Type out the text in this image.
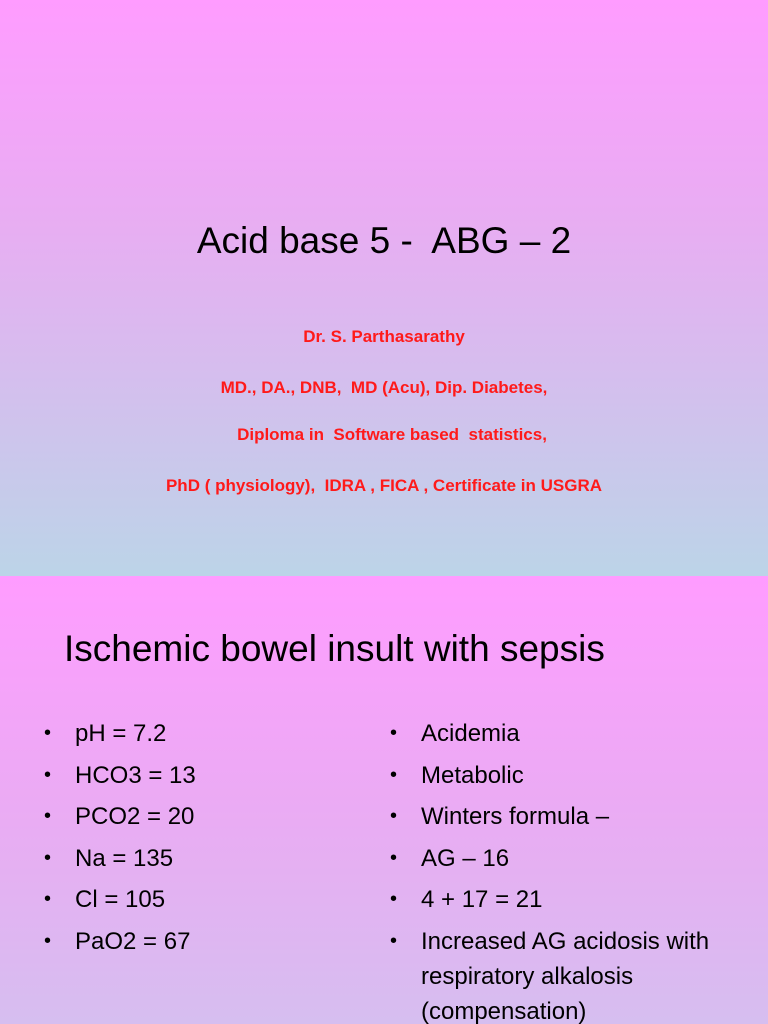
Acid base 5 -  ABG – 2
Dr. S. Parthasarathy
MD., DA., DNB,  MD (Acu), Dip. Diabetes,
Diploma in  Software based  statistics,
PhD ( physiology),  IDRA , FICA , Certificate in USGRA
Ischemic bowel insult with sepsis
• pH = 7.2
• HCO3 = 13
• PCO2 = 20
• Na = 135
• Cl = 105
• PaO2 = 67
• Acidemia
• Metabolic
• Winters formula –
• AG – 16
• 4 + 17 = 21
• Increased AG acidosis with respiratory alkalosis (compensation)
